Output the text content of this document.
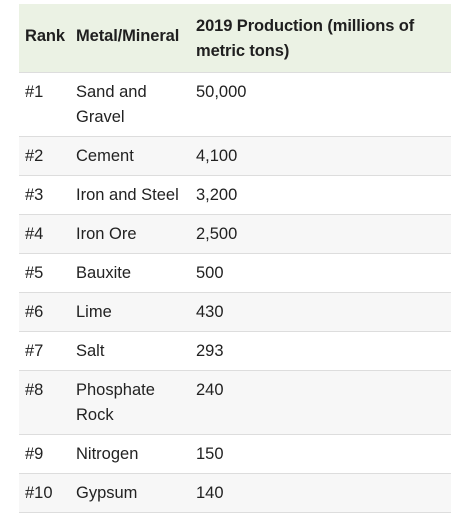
Rank	Metal/Mineral	2019 Production (millions of metric tons)
#1	Sand and Gravel	50,000
#2	Cement	4,100
#3	Iron and Steel	3,200
#4	Iron Ore	2,500
#5	Bauxite	500
#6	Lime	430
#7	Salt	293
#8	Phosphate Rock	240
#9	Nitrogen	150
#10	Gypsum	140
